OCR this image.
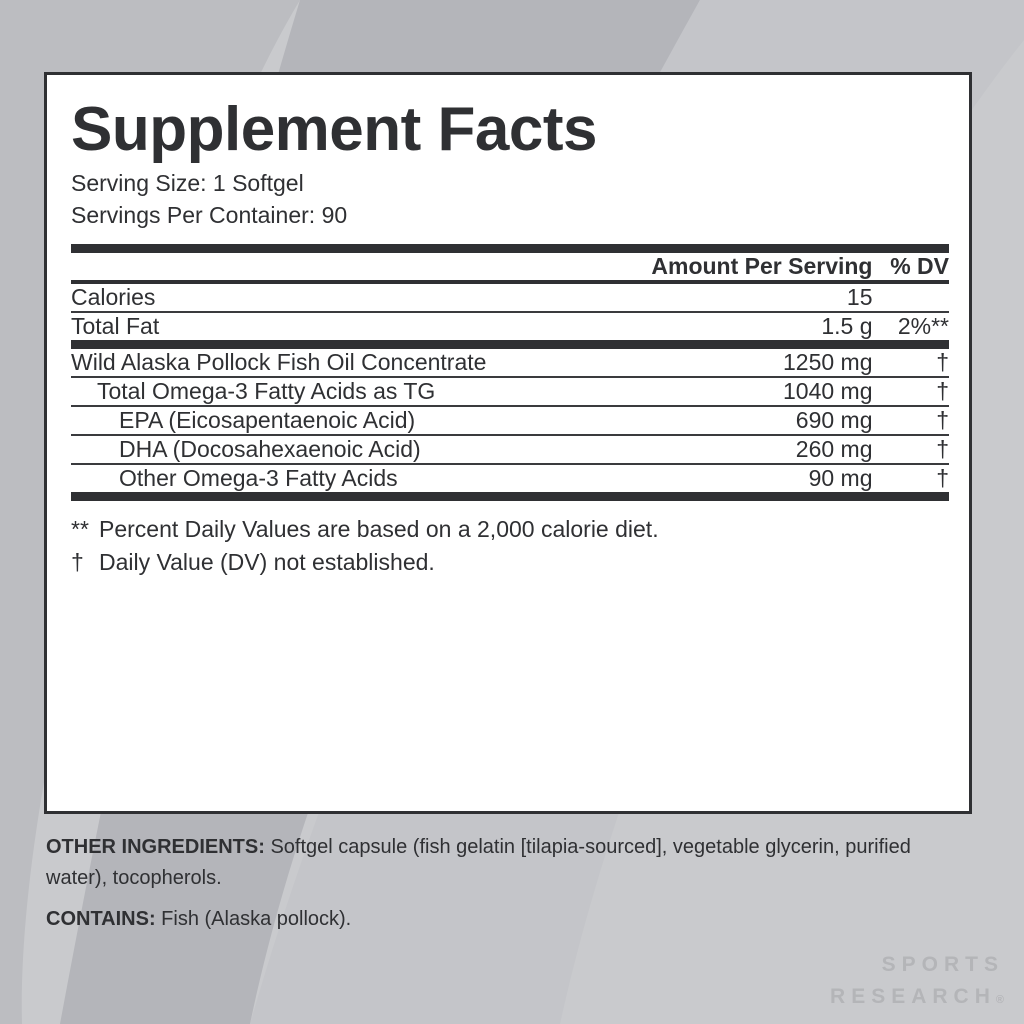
Supplement Facts
Serving Size: 1 Softgel
Servings Per Container: 90
	Amount Per Serving	% DV
Calories	15	
Total Fat	1.5 g	2%**
Wild Alaska Pollock Fish Oil Concentrate	1250 mg	†
Total Omega-3 Fatty Acids as TG	1040 mg	†
EPA (Eicosapentaenoic Acid)	690 mg	†
DHA (Docosahexaenoic Acid)	260 mg	†
Other Omega-3 Fatty Acids	90 mg	†
** Percent Daily Values are based on a 2,000 calorie diet.
† Daily Value (DV) not established.

OTHER INGREDIENTS: Softgel capsule (fish gelatin [tilapia-sourced], vegetable glycerin, purified water), tocopherols.

CONTAINS: Fish (Alaska pollock).

SPORTS
RESEARCH®
